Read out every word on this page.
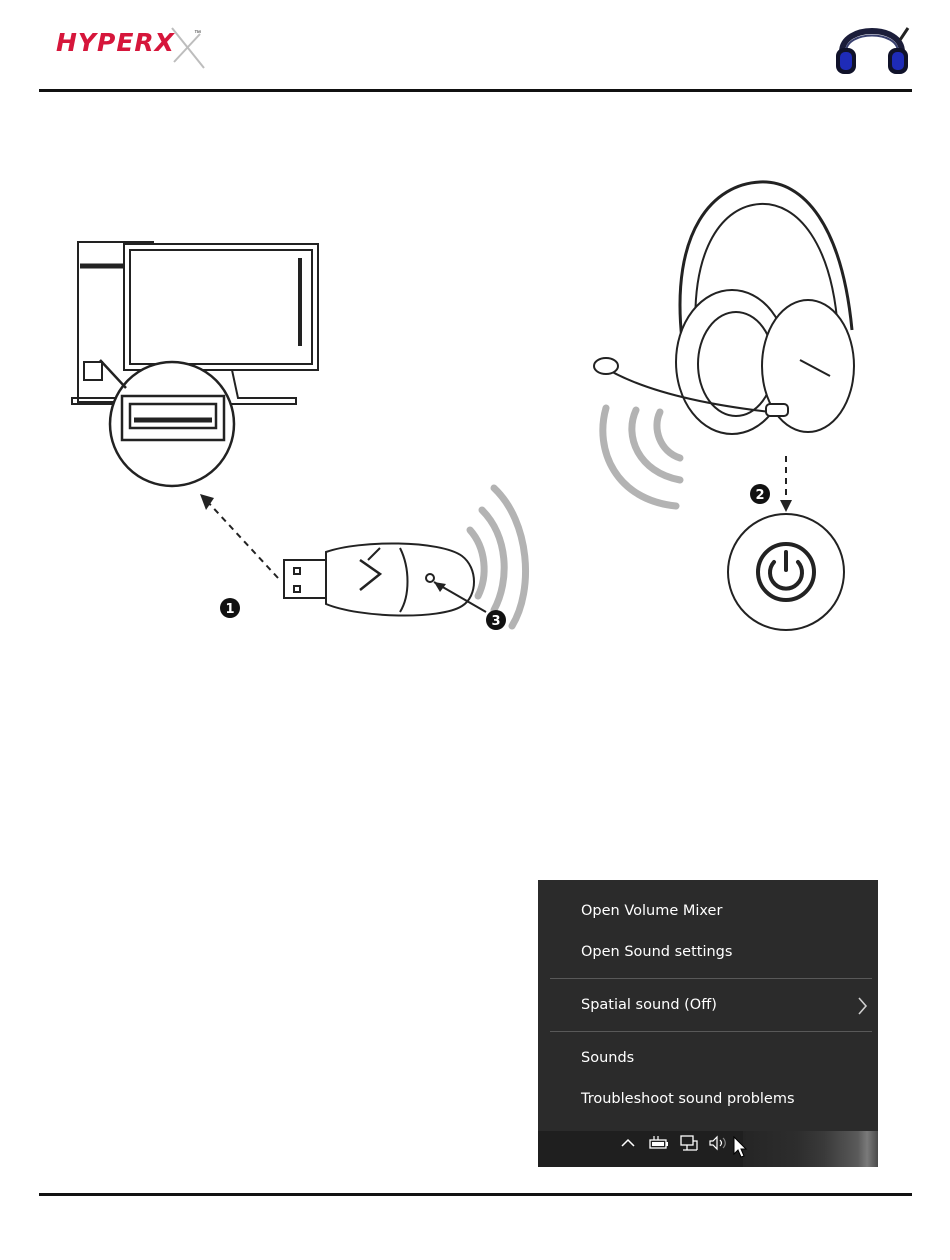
HYPERX	™
1
2
3
Open Volume Mixer
Open Sound settings
Spatial sound (Off)
Sounds
Troubleshoot sound problems
